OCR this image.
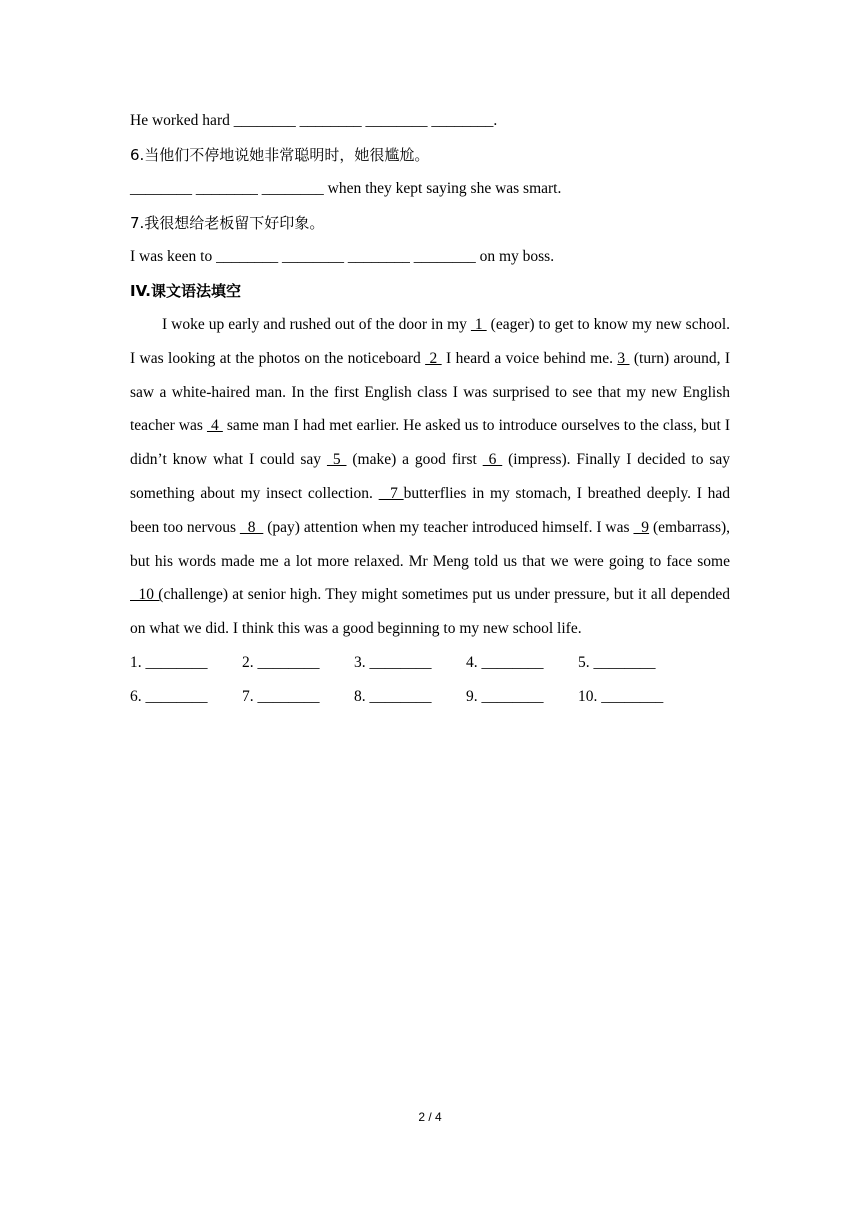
He worked hard ________ ________ ________ ________.
6.当他们不停地说她非常聪明时，她很尴尬。
________ ________ ________ when they kept saying she was smart.
7.我很想给老板留下好印象。
I was keen to ________ ________ ________ ________ on my boss.
IV.课文语法填空

I woke up early and rushed out of the door in my  1  (eager) to get to know my new school. I was looking at the photos on the noticeboard  2  I heard a voice behind me. 3  (turn) around, I saw a white-haired man. In the first English class I was surprised to see that my new English teacher was  4  same man I had met earlier. He asked us to introduce ourselves to the class, but I didn’t know what I could say  5  (make) a good first  6  (impress). Finally I decided to say something about my insect collection.   7 butterflies in my stomach, I breathed deeply. I had been too nervous   8   (pay) attention when my teacher introduced himself. I was   9 (embarrass), but his words made me a lot more relaxed. Mr Meng told us that we were going to face some   10 (challenge) at senior high. They might sometimes put us under pressure, but it all depended on what we did. I think this was a good beginning to my new school life.

1. ________	2. ________	3. ________	4. ________	5. ________
6. ________	7. ________	8. ________	9. ________	10. ________
2 / 4
